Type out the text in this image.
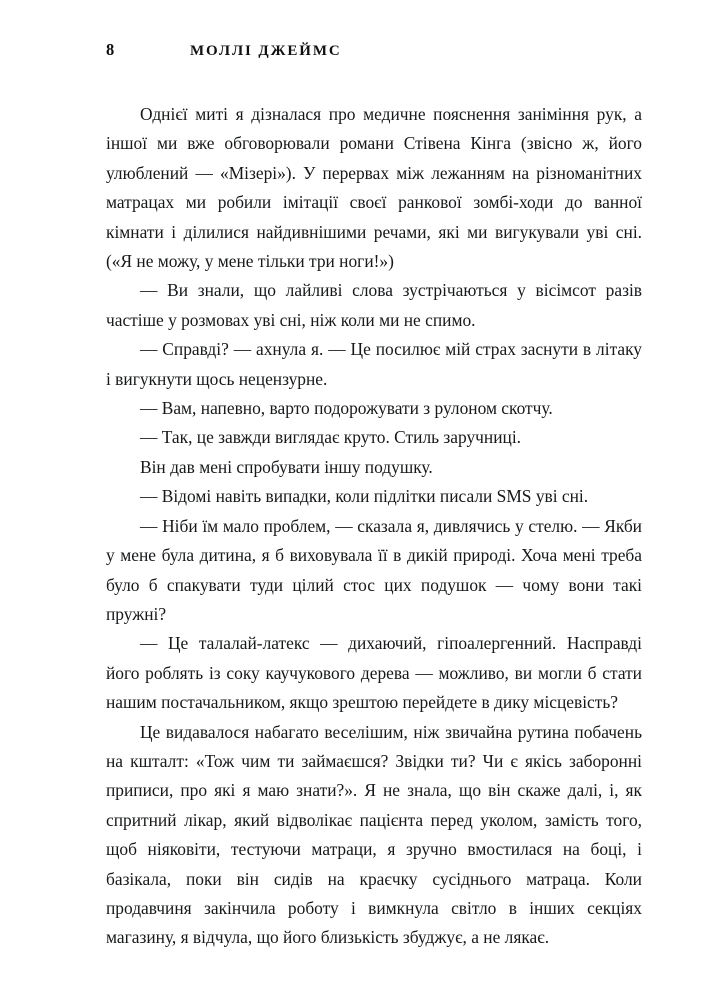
8	МОЛЛІ ДЖЕЙМС

Однієї миті я дізналася про медичне пояснення заніміння рук, а іншої ми вже обговорювали романи Стівена Кінга (звісно ж, його улюблений — «Мізері»). У перервах між лежанням на різноманітних матрацах ми робили імітації своєї ранкової зомбі-ходи до ванної кімнати і ділилися найдивнішими речами, які ми вигукували уві сні. («Я не можу, у мене тільки три ноги!»)

— Ви знали, що лайливі слова зустрічаються у вісімсот разів частіше у розмовах уві сні, ніж коли ми не спимо.

— Справді? — ахнула я. — Це посилює мій страх заснути в літаку і вигукнути щось нецензурне.

— Вам, напевно, варто подорожувати з рулоном скотчу.

— Так, це завжди виглядає круто. Стиль заручниці.

Він дав мені спробувати іншу подушку.

— Відомі навіть випадки, коли підлітки писали SMS уві сні.

— Ніби їм мало проблем, — сказала я, дивлячись у стелю. — Якби у мене була дитина, я б виховувала її в дикій природі. Хоча мені треба було б спакувати туди цілий стос цих подушок — чому вони такі пружні?

— Це талалай-латекс — дихаючий, гіпоалергенний. Насправді його роблять із соку каучукового дерева — можливо, ви могли б стати нашим постачальником, якщо зрештою перейдете в дику місцевість?

Це видавалося набагато веселішим, ніж звичайна рутина побачень на кшталт: «Тож чим ти займаєшся? Звідки ти? Чи є якісь заборонні приписи, про які я маю знати?». Я не знала, що він скаже далі, і, як спритний лікар, який відволікає пацієнта перед уколом, замість того, щоб ніяковіти, тестуючи матраци, я зручно вмостилася на боці, і базікала, поки він сидів на краєчку сусіднього матраца. Коли продавчиня закінчила роботу і вимкнула світло в інших секціях магазину, я відчула, що його близькість збуджує, а не лякає.
